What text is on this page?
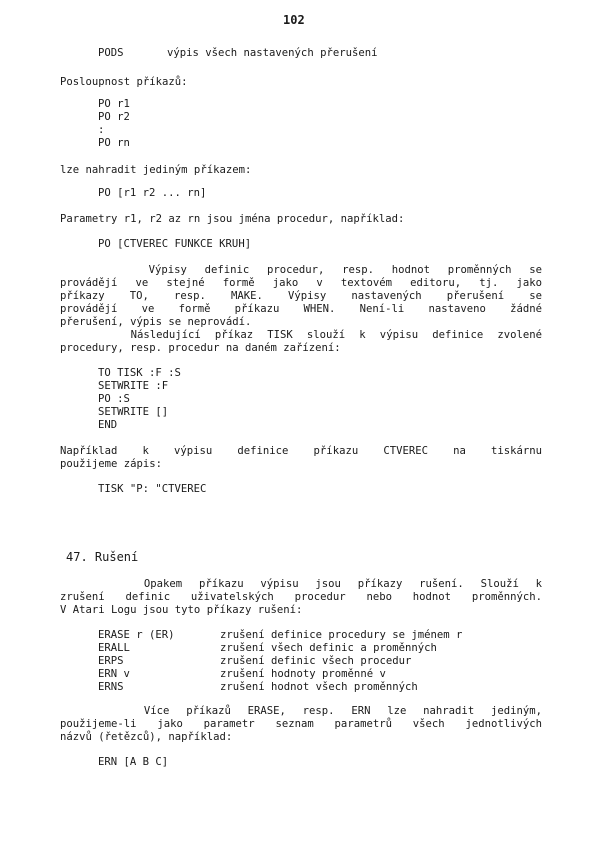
102
PODS	výpis všech nastavených přerušení
Posloupnost příkazů:
PO r1
PO r2
:
PO rn
lze nahradit jediným příkazem:
PO [r1 r2 ... rn]
Parametry r1, r2 az rn jsou jména procedur, například:
PO [CTVEREC FUNKCE KRUH]
Výpisy definic procedur, resp. hodnot proměnných se
provádějí ve stejné formě jako v textovém editoru, tj. jako
příkazy TO, resp. MAKE. Výpisy nastavených přerušení se
provádějí ve formě příkazu WHEN. Není-li nastaveno žádné
přerušení, výpis se neprovádí.
Následující příkaz TISK slouží k výpisu definice zvolené
procedury, resp. procedur na daném zařízení:
TO TISK :F :S
SETWRITE :F
PO :S
SETWRITE []
END
Například k výpisu definice příkazu CTVEREC na tiskárnu
použijeme zápis:
TISK "P: "CTVEREC
47. Rušení
Opakem příkazu výpisu jsou příkazy rušení. Slouží k
zrušení definic uživatelských procedur nebo hodnot proměnných.
V Atari Logu jsou tyto příkazy rušení:
ERASE r (ER)	zrušení definice procedury se jménem r
ERALL	zrušení všech definic a proměnných
ERPS	zrušení definic všech procedur
ERN v	zrušení hodnoty proměnné v
ERNS	zrušení hodnot všech proměnných
Více příkazů ERASE, resp. ERN lze nahradit jediným,
použijeme-li jako parametr seznam parametrů všech jednotlivých
názvů (řetězců), například:
ERN [A B C]
